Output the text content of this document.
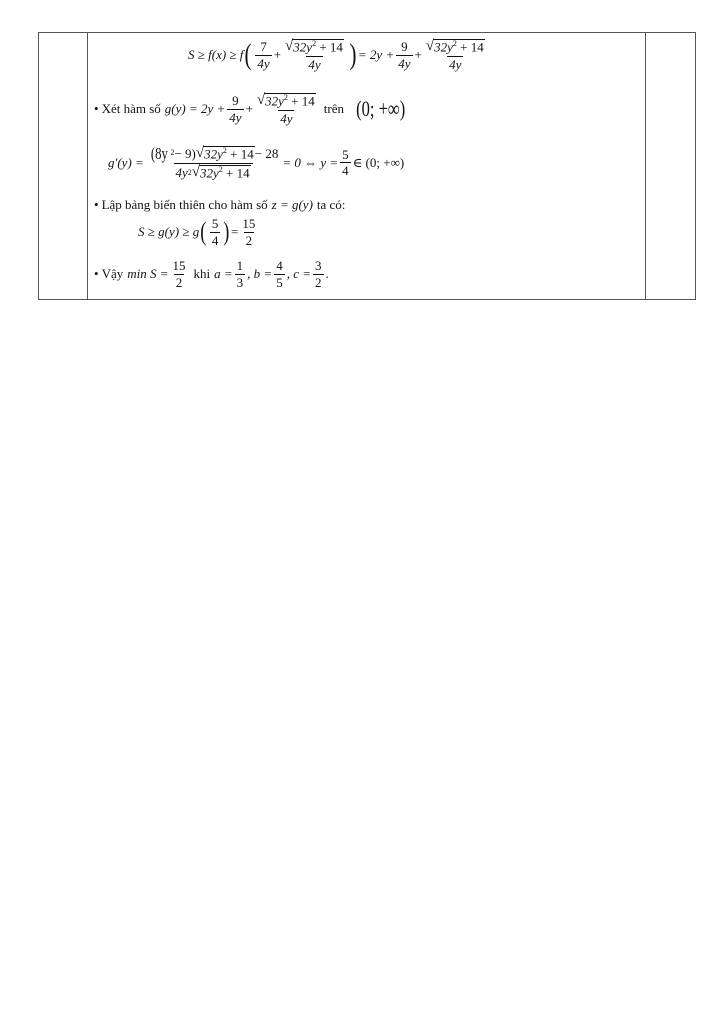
S ≥ f(x) ≥ f ( $\frac{7}{4y} + \frac{√ 32y^2 + 14}{4y}$ ) = $2y + \frac{9}{4y} + \frac{√ 32y^2 + 14}{4y}$
• Xét hàm số $g(y) = 2y + \frac{9}{4y} + \frac{√ 32y^2 + 14}{4y}$ trên (0; +∞)
$g'(y) = \frac{(8y 2 - 9) √ 32y^2 + 14 - 28}{4y 2 √ 32y^2 + 14} = 0$ ⇔ $y = \frac{5}{4}$ ∈ (0; +∞)
• Lập bảng biến thiên cho hàm số z = g(y) ta có:
S ≥ g(y) ≥ g ( $\frac{5}{4}$ ) = $\frac{15}{2}$
• Vậy $\min S = \frac{15}{2}$ khi $a = \frac{1}{3}$ , $b = \frac{4}{5}$ , $c = \frac{3}{2}$ .
